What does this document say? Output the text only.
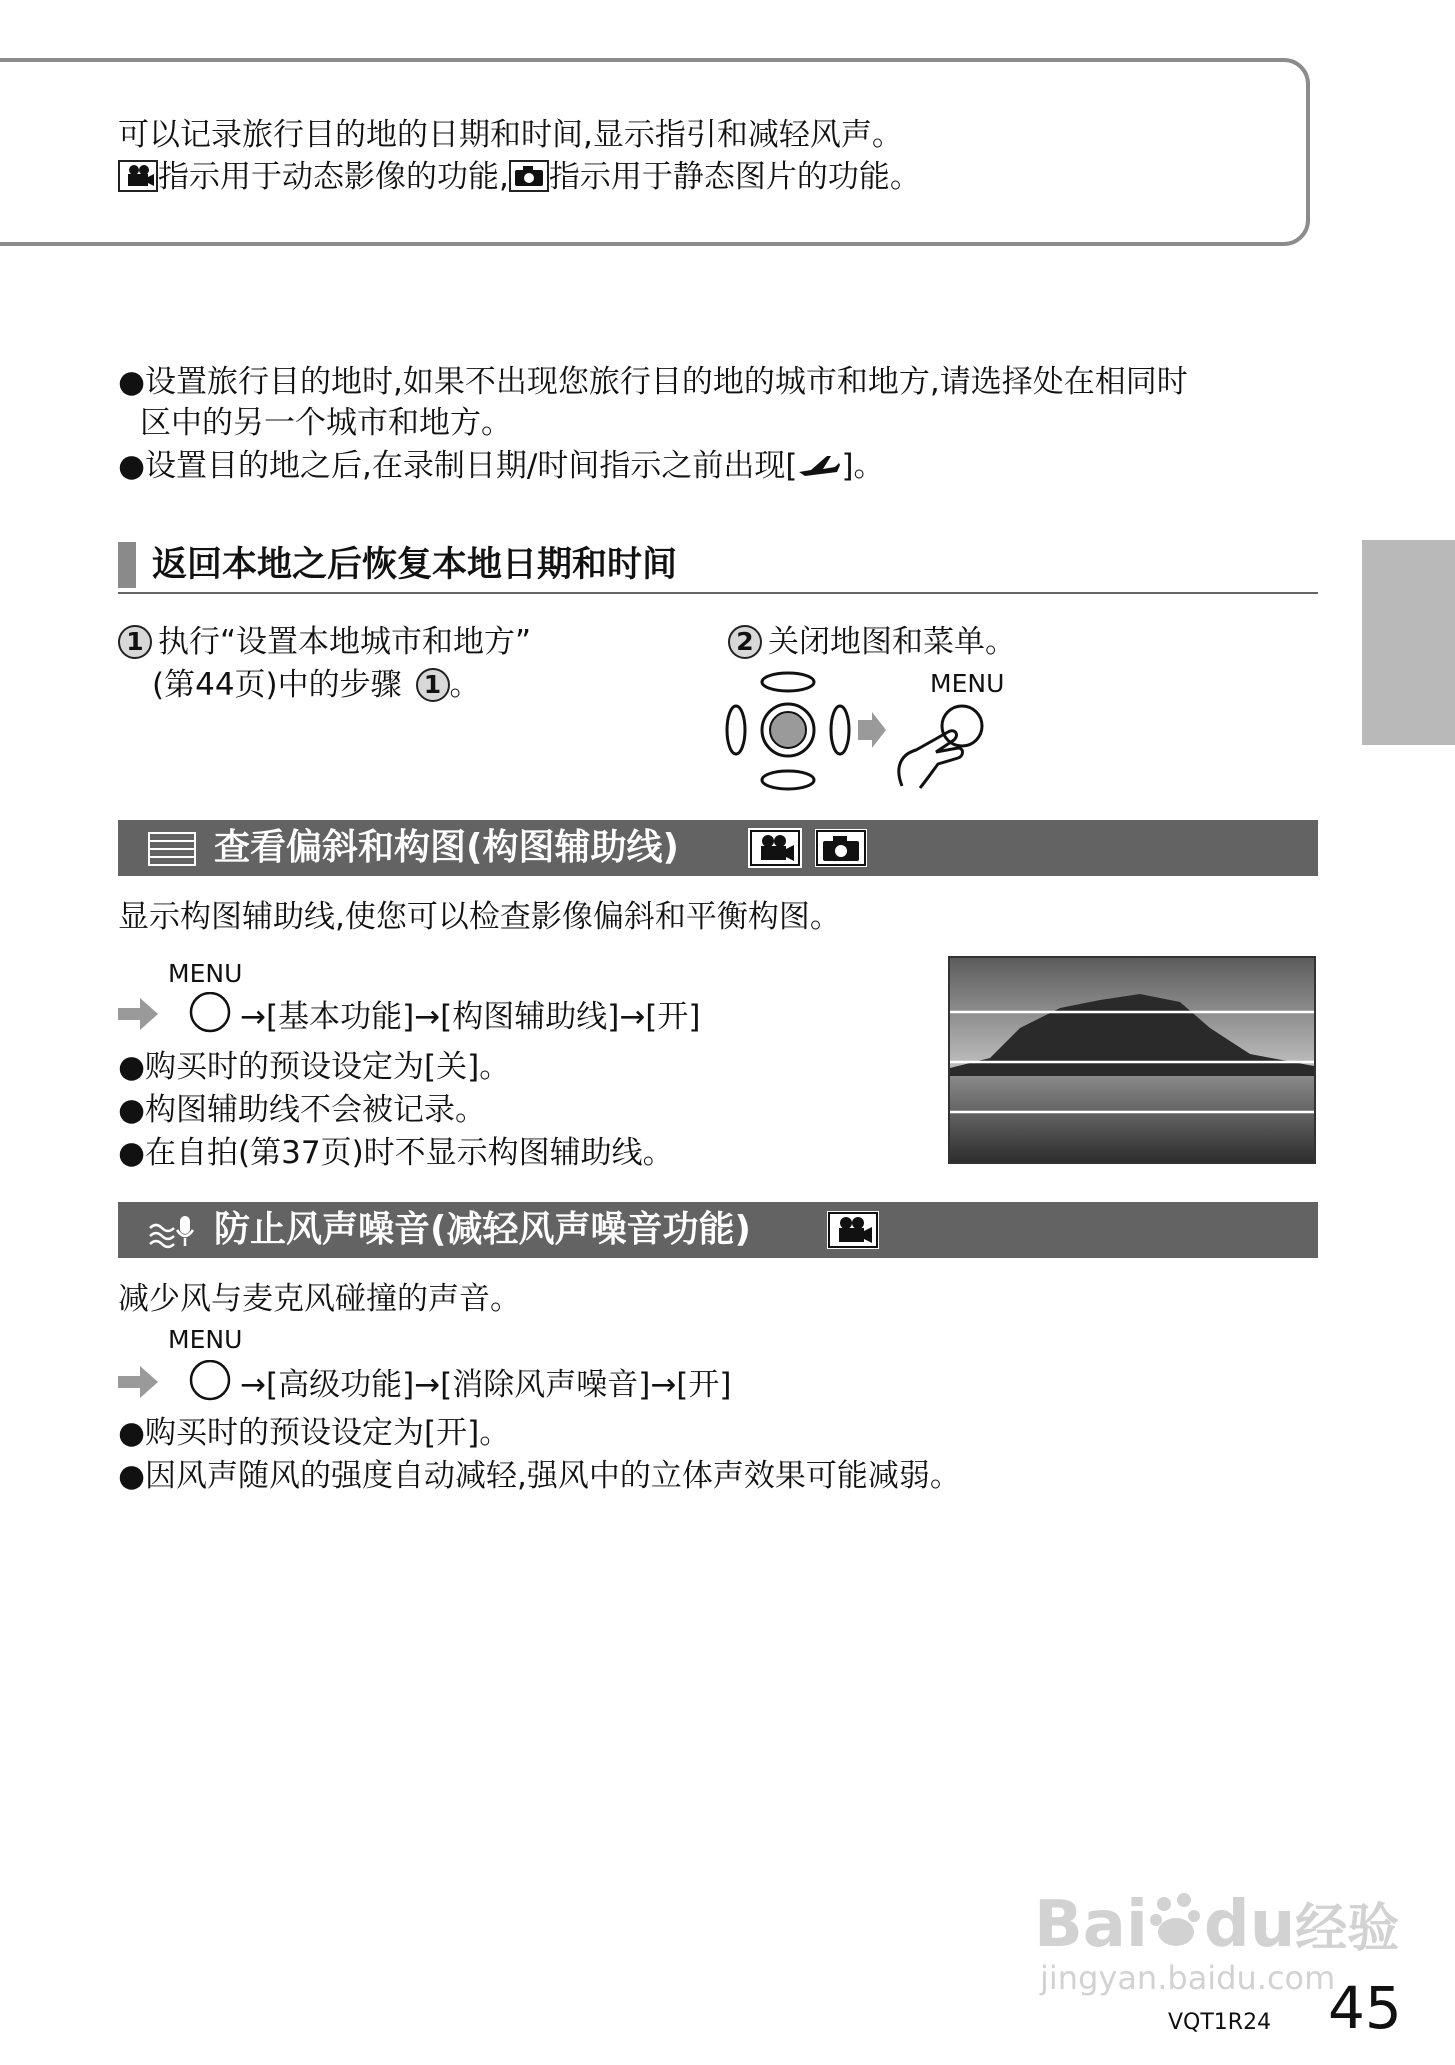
可以记录旅行目的地的日期和时间,显示指引和减轻风声。
指示用于动态影像的功能, 指示用于静态图片的功能。
●设置旅行目的地时,如果不出现您旅行目的地的城市和地方,请选择处在相同时
区中的另一个城市和地方。
●设置目的地之后,在录制日期/时间指示之前出现[ ]。
返回本地之后恢复本地日期和时间
1 执行“设置本地城市和地方”
(第44页)中的步骤 1 。
2 关闭地图和菜单。
MENU
查看偏斜和构图(构图辅助线)
显示构图辅助线,使您可以检查影像偏斜和平衡构图。
MENU
→[基本功能]→[构图辅助线]→[开]
●购买时的预设设定为[关]。
●构图辅助线不会被记录。
●在自拍(第37页)时不显示构图辅助线。
防止风声噪音(减轻风声噪音功能)
减少风与麦克风碰撞的声音。
MENU
→[高级功能]→[消除风声噪音]→[开]
●购买时的预设设定为[开]。
●因风声随风的强度自动减轻,强风中的立体声效果可能减弱。
Bai du经验
jingyan.baidu.com
VQT1R24 45
